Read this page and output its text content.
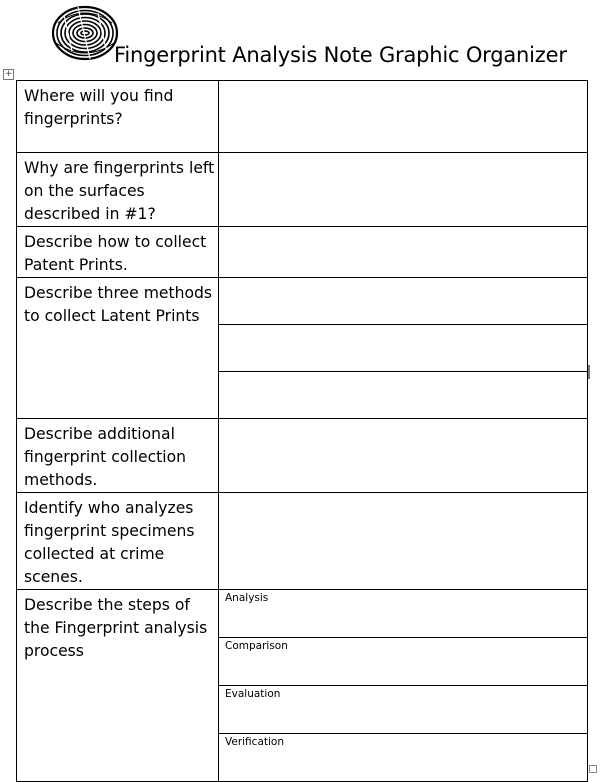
Fingerprint Analysis Note Graphic Organizer
+
Where will you find
fingerprints?	

Why are fingerprints left
on the surfaces
described in #1?	

Describe how to collect
Patent Prints.	

Describe three methods
to collect Latent Prints	

Describe additional
fingerprint collection
methods.	

Identify who analyzes
fingerprint specimens
collected at crime
scenes.	

Describe the steps of
the Fingerprint analysis
process	Analysis
	Comparison
	Evaluation
	Verification
